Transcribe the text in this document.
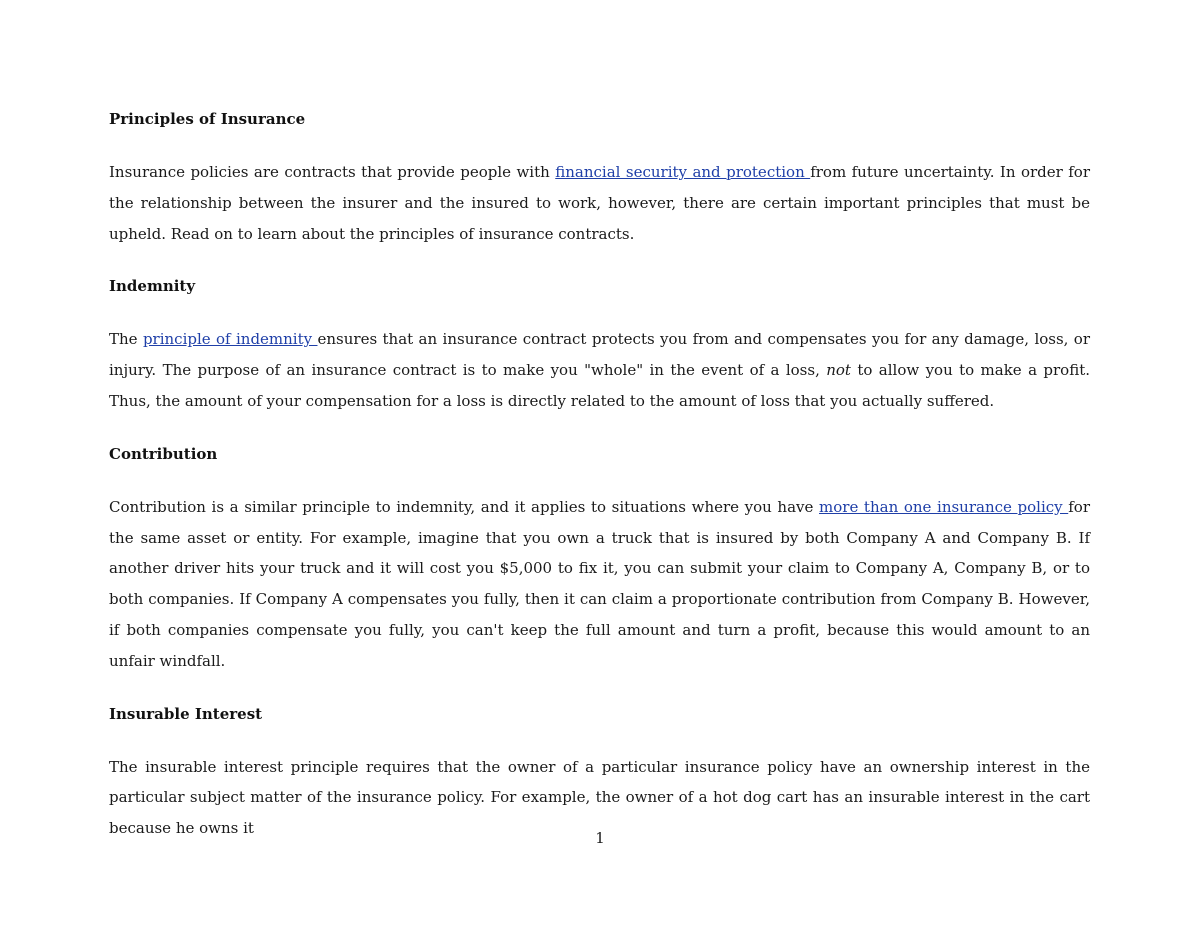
Principles of Insurance

Insurance policies are contracts that provide people with financial security and protection from future uncertainty. In order for the relationship between the insurer and the insured to work, however, there are certain important principles that must be upheld. Read on to learn about the principles of insurance contracts.

Indemnity

The principle of indemnity ensures that an insurance contract protects you from and compensates you for any damage, loss, or injury. The purpose of an insurance contract is to make you "whole" in the event of a loss, not to allow you to make a profit. Thus, the amount of your compensation for a loss is directly related to the amount of loss that you actually suffered.

Contribution

Contribution is a similar principle to indemnity, and it applies to situations where you have more than one insurance policy for the same asset or entity. For example, imagine that you own a truck that is insured by both Company A and Company B. If another driver hits your truck and it will cost you $5,000 to fix it, you can submit your claim to Company A, Company B, or to both companies. If Company A compensates you fully, then it can claim a proportionate contribution from Company B. However, if both companies compensate you fully, you can't keep the full amount and turn a profit, because this would amount to an unfair windfall.

Insurable Interest

The insurable interest principle requires that the owner of a particular insurance policy have an ownership interest in the particular subject matter of the insurance policy. For example, the owner of a hot dog cart has an insurable interest in the cart because he owns it

1
